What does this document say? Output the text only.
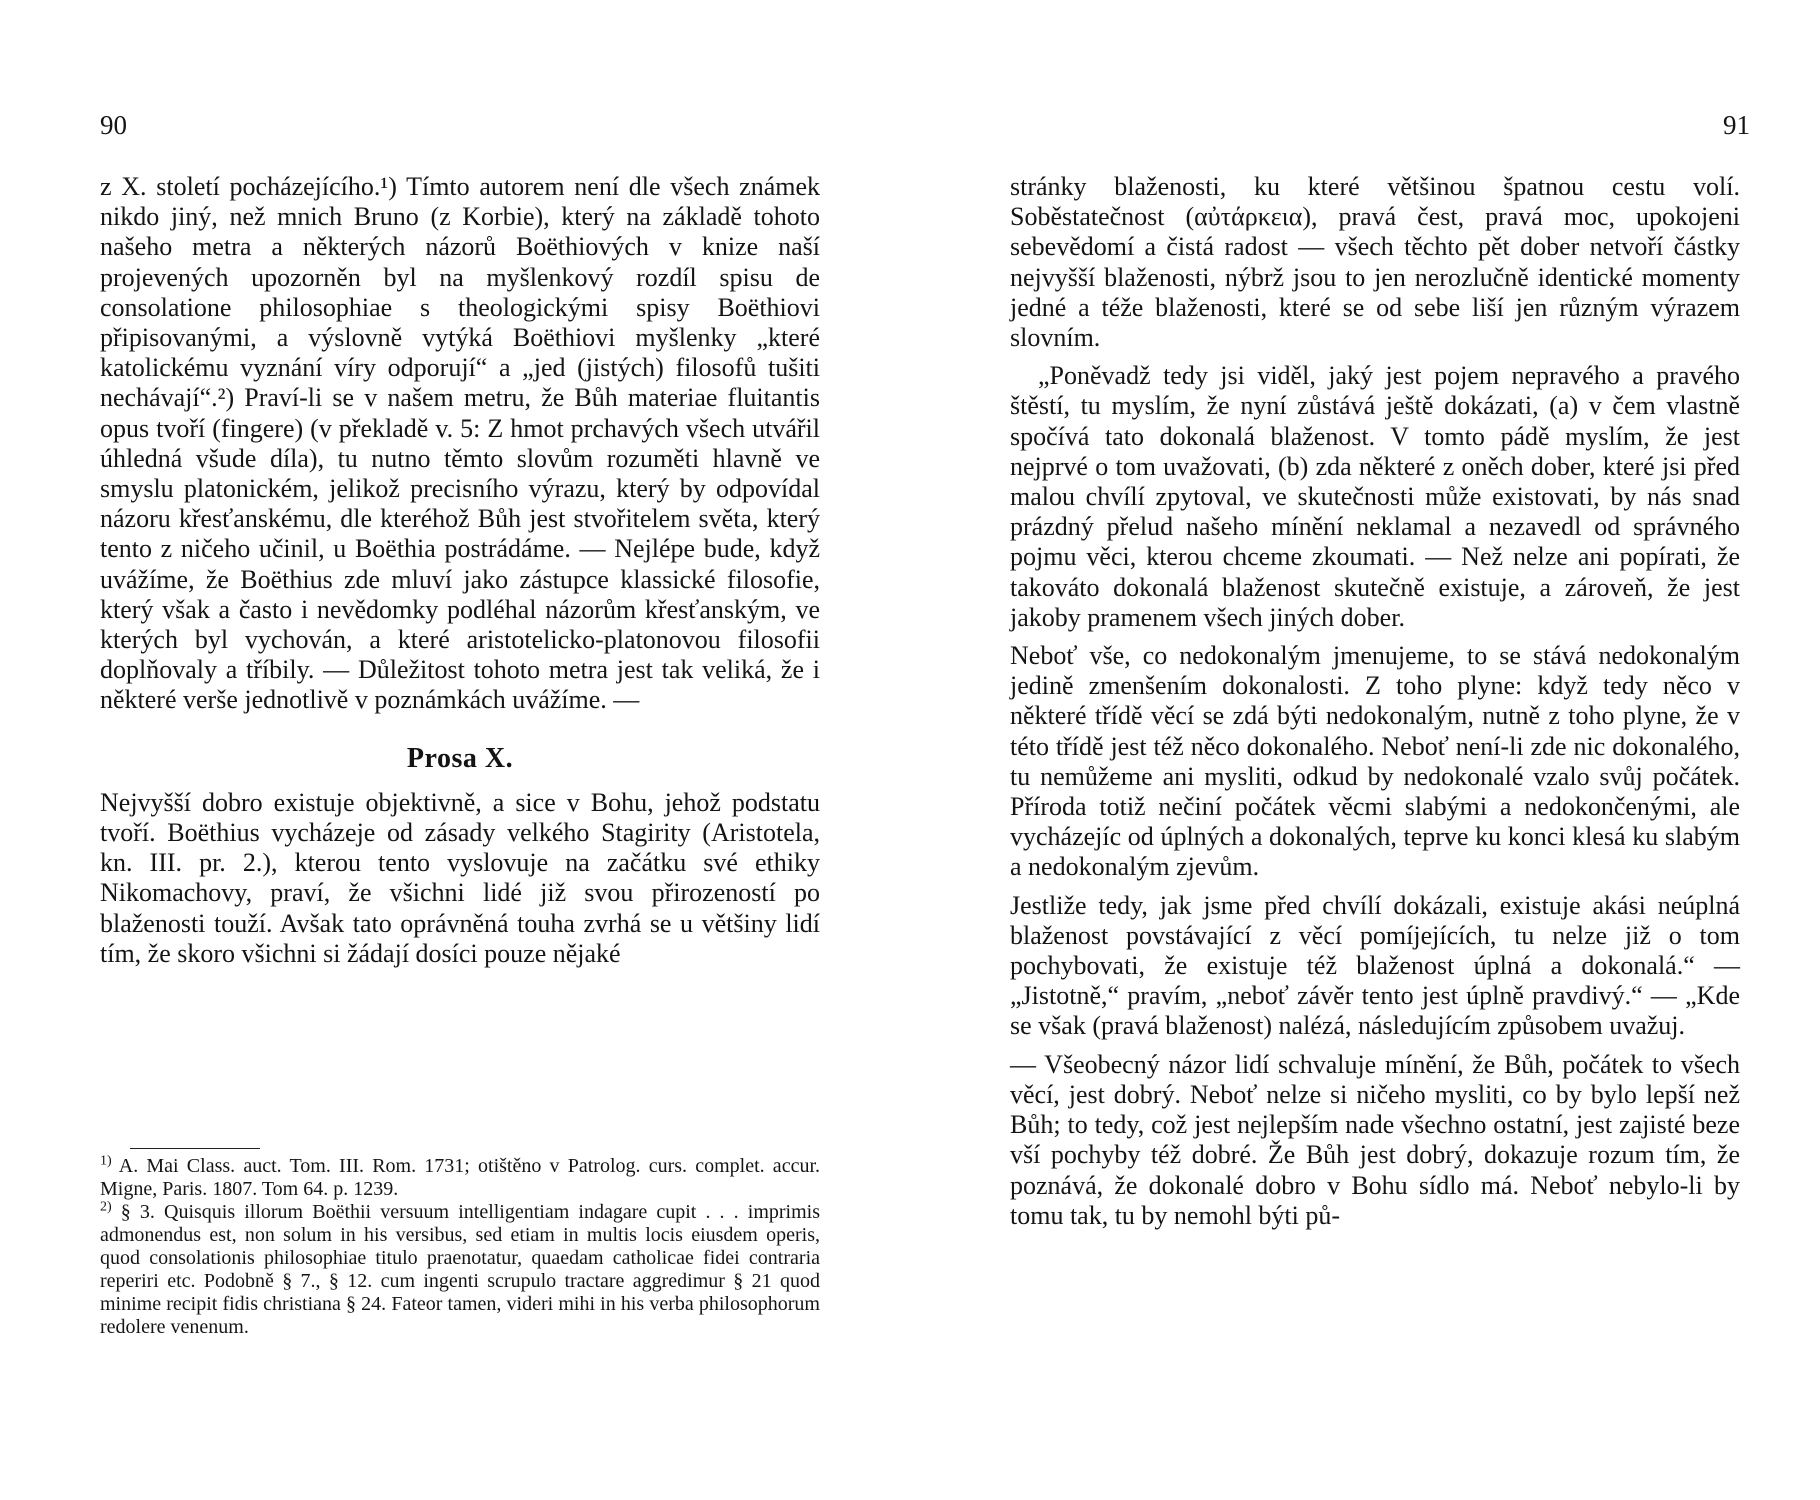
90

z X. století pocházejícího.¹) Tímto autorem není dle všech známek nikdo jiný, než mnich Bruno (z Korbie), který na základě tohoto našeho metra a některých názorů Boëthiových v knize naší projevených upozorněn byl na myšlenkový rozdíl spisu de consolatione philosophiae s theologickými spisy Boëthiovi připisovanými, a výslovně vytýká Boëthiovi myšlenky „které katolickému vyznání víry odporují“ a „jed (jistých) filosofů tušiti nechávají“.²) Praví-li se v našem metru, že Bůh materiae fluitantis opus tvoří (fingere) (v překladě v. 5: Z hmot prchavých všech utvářil úhledná všude díla), tu nutno těmto slovům rozuměti hlavně ve smyslu platonickém, jelikož precisního výrazu, který by odpovídal názoru křesťanskému, dle kteréhož Bůh jest stvořitelem světa, který tento z ničeho učinil, u Boëthia postrádáme. — Nejlépe bude, když uvážíme, že Boëthius zde mluví jako zástupce klassické filosofie, který však a často i nevědomky podléhal názorům křesťanským, ve kterých byl vychován, a které aristotelicko-platonovou filosofii doplňovaly a tříbily. — Důležitost tohoto metra jest tak veliká, že i některé verše jednotlivě v poznámkách uvážíme. —

Prosa X.

Nejvyšší dobro existuje objektivně, a sice v Bohu, jehož podstatu tvoří. Boëthius vycházeje od zásady velkého Stagirity (Aristotela, kn. III. pr. 2.), kterou tento vyslovuje na začátku své ethiky Nikomachovy, praví, že všichni lidé již svou přirozeností po blaženosti touží. Avšak tato oprávněná touha zvrhá se u většiny lidí tím, že skoro všichni si žádají dosíci pouze nějaké

$^{1)}$ A. Mai Class. auct. Tom. III. Rom. 1731; otištěno v Patrolog. curs. complet. accur. Migne, Paris. 1807. Tom 64. p. 1239.

$^{2)}$ § 3. Quisquis illorum Boëthii versuum intelligentiam indagare cupit . . . imprimis admonendus est, non solum in his versibus, sed etiam in multis locis eiusdem operis, quod consolationis philosophiae titulo praenotatur, quaedam catholicae fidei contraria reperiri etc. Podobně § 7., § 12. cum ingenti scrupulo tractare aggredimur § 21 quod minime recipit fidis christiana § 24. Fateor tamen, videri mihi in his verba philosophorum redolere venenum.

91

stránky blaženosti, ku které většinou špatnou cestu volí. Soběstatečnost (αὐτάρκεια), pravá čest, pravá moc, upokojeni sebevědomí a čistá radost — všech těchto pět dober netvoří částky nejvyšší blaženosti, nýbrž jsou to jen nerozlučně identické momenty jedné a téže blaženosti, které se od sebe liší jen různým výrazem slovním.

„Poněvadž tedy jsi viděl, jaký jest pojem nepravého a pravého štěstí, tu myslím, že nyní zůstává ještě dokázati, (a) v čem vlastně spočívá tato dokonalá blaženost. V tomto pádě myslím, že jest nejprvé o tom uvažovati, (b) zda některé z oněch dober, které jsi před malou chvílí zpytoval, ve skutečnosti může existovati, by nás snad prázdný přelud našeho mínění neklamal a nezavedl od správného pojmu věci, kterou chceme zkoumati. — Než nelze ani popírati, že takováto dokonalá blaženost skutečně existuje, a zároveň, že jest jakoby pramenem všech jiných dober.

Neboť vše, co nedokonalým jmenujeme, to se stává nedokonalým jedině zmenšením dokonalosti. Z toho plyne: když tedy něco v některé třídě věcí se zdá býti nedokonalým, nutně z toho plyne, že v této třídě jest též něco dokonalého. Neboť není-li zde nic dokonalého, tu nemůžeme ani mysliti, odkud by nedokonalé vzalo svůj počátek. Příroda totiž nečiní počátek věcmi slabými a nedokončenými, ale vycházejíc od úplných a dokonalých, teprve ku konci klesá ku slabým a nedokonalým zjevům.

Jestliže tedy, jak jsme před chvílí dokázali, existuje akási neúplná blaženost povstávající z věcí pomíjejících, tu nelze již o tom pochybovati, že existuje též blaženost úplná a dokonalá.“ — „Jistotně,“ pravím, „neboť závěr tento jest úplně pravdivý.“ — „Kde se však (pravá blaženost) nalézá, následujícím způsobem uvažuj.

— Všeobecný názor lidí schvaluje mínění, že Bůh, počátek to všech věcí, jest dobrý. Neboť nelze si ničeho mysliti, co by bylo lepší než Bůh; to tedy, což jest nejlepším nade všechno ostatní, jest zajisté beze vší pochyby též dobré. Že Bůh jest dobrý, dokazuje rozum tím, že poznává, že dokonalé dobro v Bohu sídlo má. Neboť nebylo-li by tomu tak, tu by nemohl býti pů-
